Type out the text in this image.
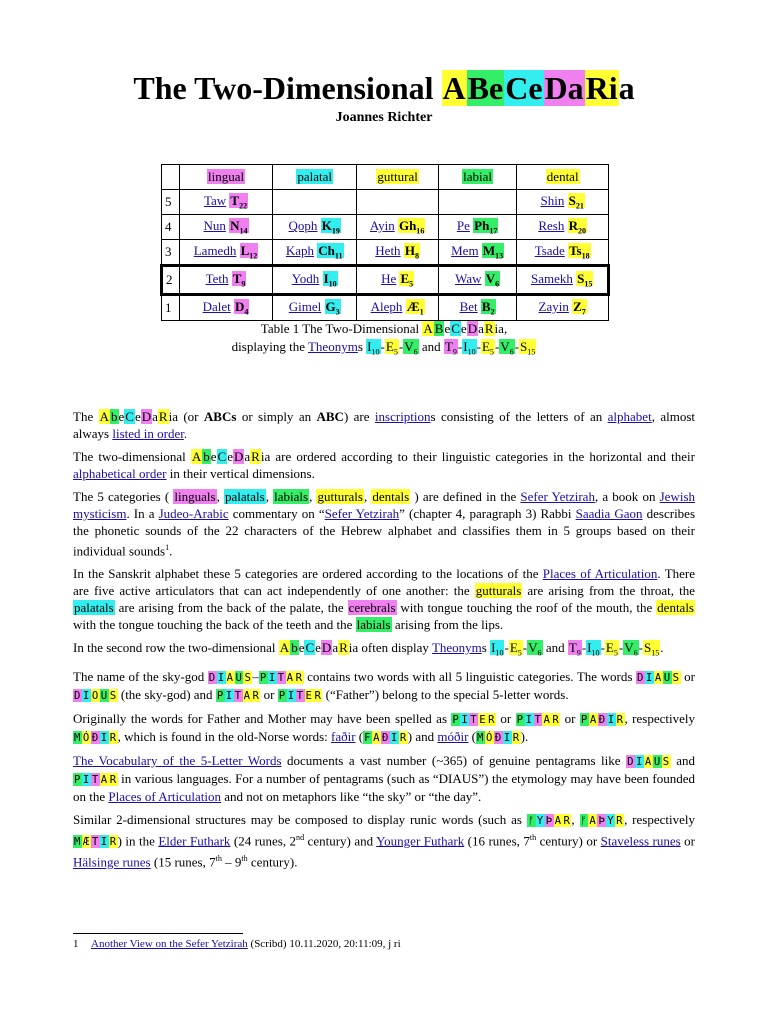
The Two-Dimensional ABeCeDaRia
Joannes Richter
	lingual	palatal	guttural	labial	dental
5	Taw $T_{22}$				Shin $S_{21}$
4	Nun $N_{14}$	Qoph $K_{19}$	Ayin $Gh_{16}$	Pe $Ph_{17}$	Resh $R_{20}$
3	Lamedh $L_{12}$	Kaph $Ch_{11}$	Heth $H_8$	Mem $M_{13}$	Tsade $Ts_{18}$
2	Teth $T_9$	Yodh $I_{10}$	He $E_5$	Waw $V_6$	Samekh $S_{15}$
1	Dalet $D_4$	Gimel $G_3$	Aleph $Æ_1$	Bet $B_2$	Zayin $Z_7$
Table 1 The Two-Dimensional A BeCeDaRia,
displaying the Theonyms $I_{10}-E_5-V_6$ and $T_9-I_{10}-E_5-V_6-S_{15}$

The A beCeDaRia (or ABCs or simply an ABC) are inscriptions consisting of the letters of an alphabet, almost always listed in order.

The two-dimensional A beCeDaRia are ordered according to their linguistic categories in the horizontal and their alphabetical order in their vertical dimensions.

The 5 categories ( linguals, palatals, labials, gutturals, dentals ) are defined in the Sefer Yetzirah, a book on Jewish mysticism. In a Judeo-Arabic commentary on “Sefer Yetzirah” (chapter 4, paragraph 3) Rabbi Saadia Gaon describes the phonetic sounds of the 22 characters of the Hebrew alphabet and classifies them in 5 groups based on their individual sounds$^1$.

In the Sanskrit alphabet these 5 categories are ordered according to the locations of the Places of Articulation. There are five active articulators that can act independently of one another: the gutturals are arising from the throat, the palatals are arising from the back of the palate, the cerebrals with tongue touching the roof of the mouth, the dentals with the tongue touching the back of the teeth and the labials arising from the lips.

In the second row the two-dimensional A beCeDaRia often display Theonyms $I_{10}-E_5-V_6$ and $T_9-I_{10}-E_5-V_6-S_{15}$.

The name of the sky-god D I A U S–P I T A R contains two words with all 5 linguistic categories. The words D I A U S or D I O U S (the sky-god) and P I T A R or P I T E R (“Father”) belong to the special 5-letter words.

Originally the words for Father and Mother may have been spelled as P I T E R or P I T A R or P A Ð I R, respectively M Ó Ð I R, which is found in the old-Norse words: faðir (F A Ð I R) and móðir (M Ó Ð I R).

The Vocabulary of the 5-Letter Words documents a vast number (~365) of genuine pentagrams like D I A U S and P I T A R in various languages. For a number of pentagrams (such as “DIAUS”) the etymology may have been founded on the Places of Articulation and not on metaphors like “the sky” or “the day”.

Similar 2-dimensional structures may be composed to display runic words (such as ᚠ Y Þ A R, ᚠ A Þ Y R, respectively M Æ T I R) in the Elder Futhark (24 runes, 2nd century) and Younger Futhark (16 runes, 7th century) or Staveless runes or Hälsinge runes (15 runes, 7th – 9th century).

1 Another View on the Sefer Yetzirah (Scribd) 10.11.2020, 20:11:09, j ri
